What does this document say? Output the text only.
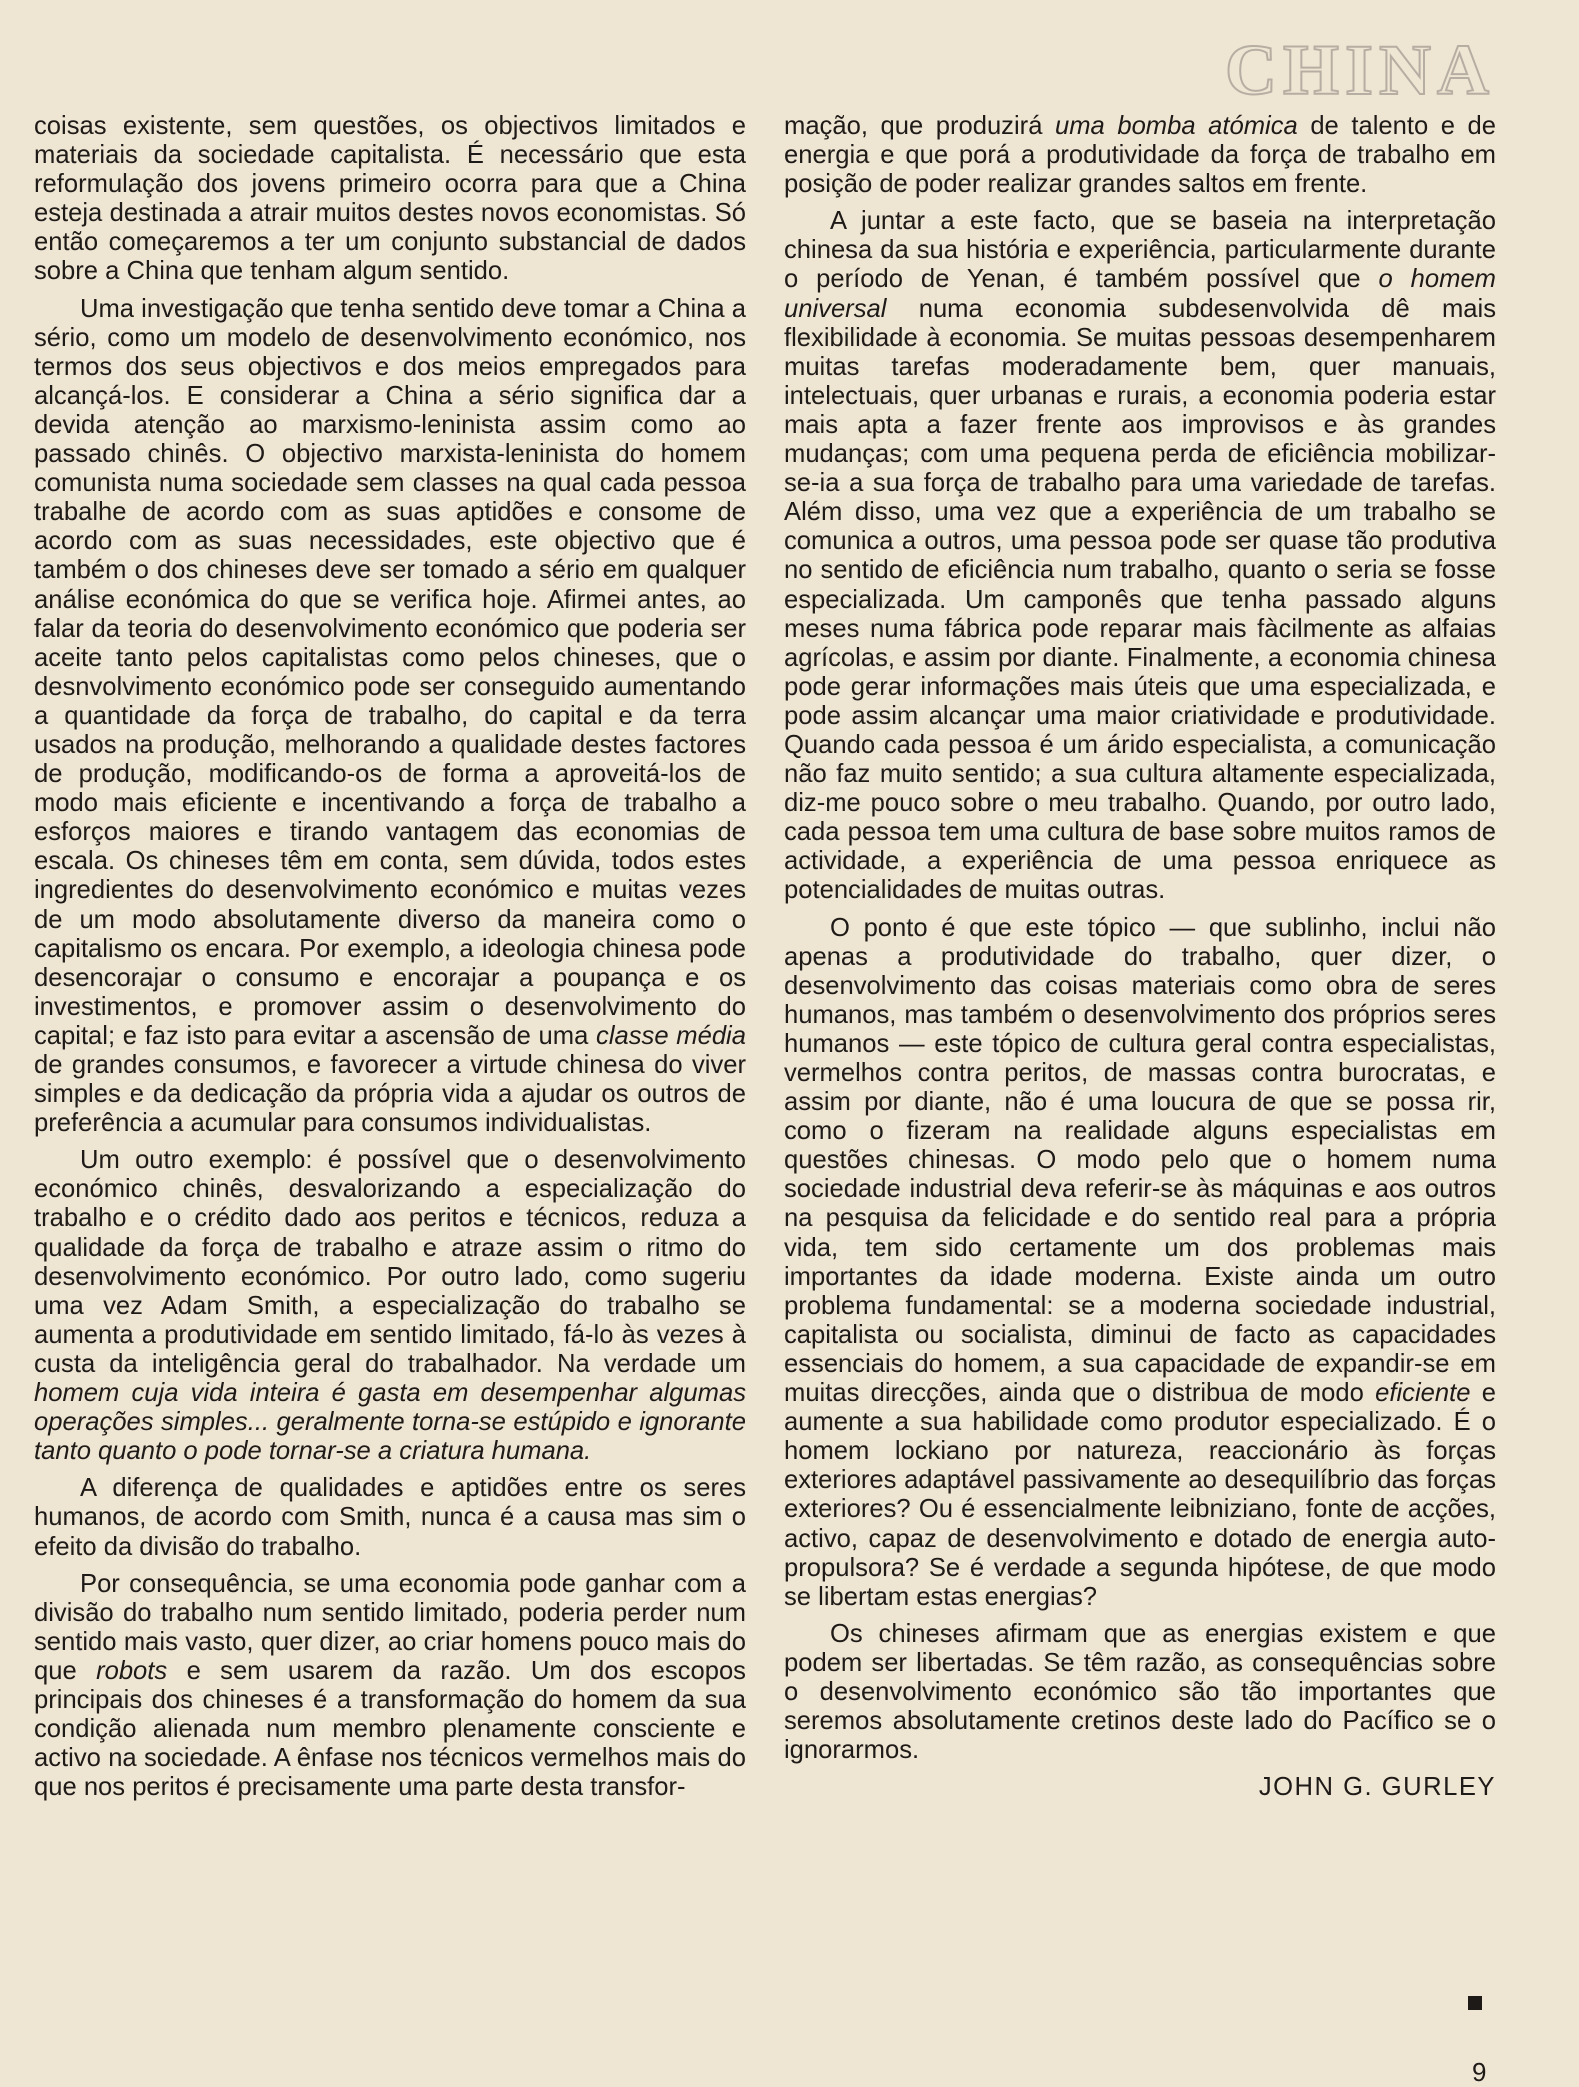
CHINA

coisas existente, sem questões, os objectivos limitados e materiais da sociedade capitalista. É necessário que esta reformulação dos jovens primeiro ocorra para que a China esteja destinada a atrair muitos destes novos economistas. Só então começaremos a ter um conjunto substancial de dados sobre a China que tenham algum sentido.

Uma investigação que tenha sentido deve tomar a China a sério, como um modelo de desenvolvimento económico, nos termos dos seus objectivos e dos meios empregados para alcançá-los. E considerar a China a sério significa dar a devida atenção ao marxismo-leninista assim como ao passado chinês. O objectivo marxista-leninista do homem comunista numa sociedade sem classes na qual cada pessoa trabalhe de acordo com as suas aptidões e consome de acordo com as suas necessidades, este objectivo que é também o dos chineses deve ser tomado a sério em qualquer análise económica do que se verifica hoje. Afirmei antes, ao falar da teoria do desenvolvimento económico que poderia ser aceite tanto pelos capitalistas como pelos chineses, que o desnvolvimento económico pode ser conseguido aumentando a quantidade da força de trabalho, do capital e da terra usados na produção, melhorando a qualidade destes factores de produção, modificando-os de forma a aproveitá-los de modo mais eficiente e incentivando a força de trabalho a esforços maiores e tirando vantagem das economias de escala. Os chineses têm em conta, sem dúvida, todos estes ingredientes do desenvolvimento económico e muitas vezes de um modo absolutamente diverso da maneira como o capitalismo os encara. Por exemplo, a ideologia chinesa pode desencorajar o consumo e encorajar a poupança e os investimentos, e promover assim o desenvolvimento do capital; e faz isto para evitar a ascensão de uma classe média de grandes consumos, e favorecer a virtude chinesa do viver simples e da dedicação da própria vida a ajudar os outros de preferência a acumular para consumos individualistas.

Um outro exemplo: é possível que o desenvolvimento económico chinês, desvalorizando a especialização do trabalho e o crédito dado aos peritos e técnicos, reduza a qualidade da força de trabalho e atraze assim o ritmo do desenvolvimento económico. Por outro lado, como sugeriu uma vez Adam Smith, a especialização do trabalho se aumenta a produtividade em sentido limitado, fá-lo às vezes à custa da inteligência geral do trabalhador. Na verdade um homem cuja vida inteira é gasta em desempenhar algumas operações simples... geralmente torna-se estúpido e ignorante tanto quanto o pode tornar-se a criatura humana.

A diferença de qualidades e aptidões entre os seres humanos, de acordo com Smith, nunca é a causa mas sim o efeito da divisão do trabalho.

Por consequência, se uma economia pode ganhar com a divisão do trabalho num sentido limitado, poderia perder num sentido mais vasto, quer dizer, ao criar homens pouco mais do que robots e sem usarem da razão. Um dos escopos principais dos chineses é a transformação do homem da sua condição alienada num membro plenamente consciente e activo na sociedade. A ênfase nos técnicos vermelhos mais do que nos peritos é precisamente uma parte desta transfor-

mação, que produzirá uma bomba atómica de talento e de energia e que porá a produtividade da força de trabalho em posição de poder realizar grandes saltos em frente.

A juntar a este facto, que se baseia na interpretação chinesa da sua história e experiência, particularmente durante o período de Yenan, é também possível que o homem universal numa economia subdesenvolvida dê mais flexibilidade à economia. Se muitas pessoas desempenharem muitas tarefas moderadamente bem, quer manuais, intelectuais, quer urbanas e rurais, a economia poderia estar mais apta a fazer frente aos improvisos e às grandes mudanças; com uma pequena perda de eficiência mobilizar-se-ia a sua força de trabalho para uma variedade de tarefas. Além disso, uma vez que a experiência de um trabalho se comunica a outros, uma pessoa pode ser quase tão produtiva no sentido de eficiência num trabalho, quanto o seria se fosse especializada. Um camponês que tenha passado alguns meses numa fábrica pode reparar mais fàcilmente as alfaias agrícolas, e assim por diante. Finalmente, a economia chinesa pode gerar informações mais úteis que uma especializada, e pode assim alcançar uma maior criatividade e produtividade. Quando cada pessoa é um árido especialista, a comunicação não faz muito sentido; a sua cultura altamente especializada, diz-me pouco sobre o meu trabalho. Quando, por outro lado, cada pessoa tem uma cultura de base sobre muitos ramos de actividade, a experiência de uma pessoa enriquece as potencialidades de muitas outras.

O ponto é que este tópico — que sublinho, inclui não apenas a produtividade do trabalho, quer dizer, o desenvolvimento das coisas materiais como obra de seres humanos, mas também o desenvolvimento dos próprios seres humanos — este tópico de cultura geral contra especialistas, vermelhos contra peritos, de massas contra burocratas, e assim por diante, não é uma loucura de que se possa rir, como o fizeram na realidade alguns especialistas em questões chinesas. O modo pelo que o homem numa sociedade industrial deva referir-se às máquinas e aos outros na pesquisa da felicidade e do sentido real para a própria vida, tem sido certamente um dos problemas mais importantes da idade moderna. Existe ainda um outro problema fundamental: se a moderna sociedade industrial, capitalista ou socialista, diminui de facto as capacidades essenciais do homem, a sua capacidade de expandir-se em muitas direcções, ainda que o distribua de modo eficiente e aumente a sua habilidade como produtor especializado. É o homem lockiano por natureza, reaccionário às forças exteriores adaptável passivamente ao desequilíbrio das forças exteriores? Ou é essencialmente leibniziano, fonte de acções, activo, capaz de desenvolvimento e dotado de energia auto-propulsora? Se é verdade a segunda hipótese, de que modo se libertam estas energias?

Os chineses afirmam que as energias existem e que podem ser libertadas. Se têm razão, as consequências sobre o desenvolvimento económico são tão importantes que seremos absolutamente cretinos deste lado do Pacífico se o ignorarmos.

JOHN G. GURLEY

9
